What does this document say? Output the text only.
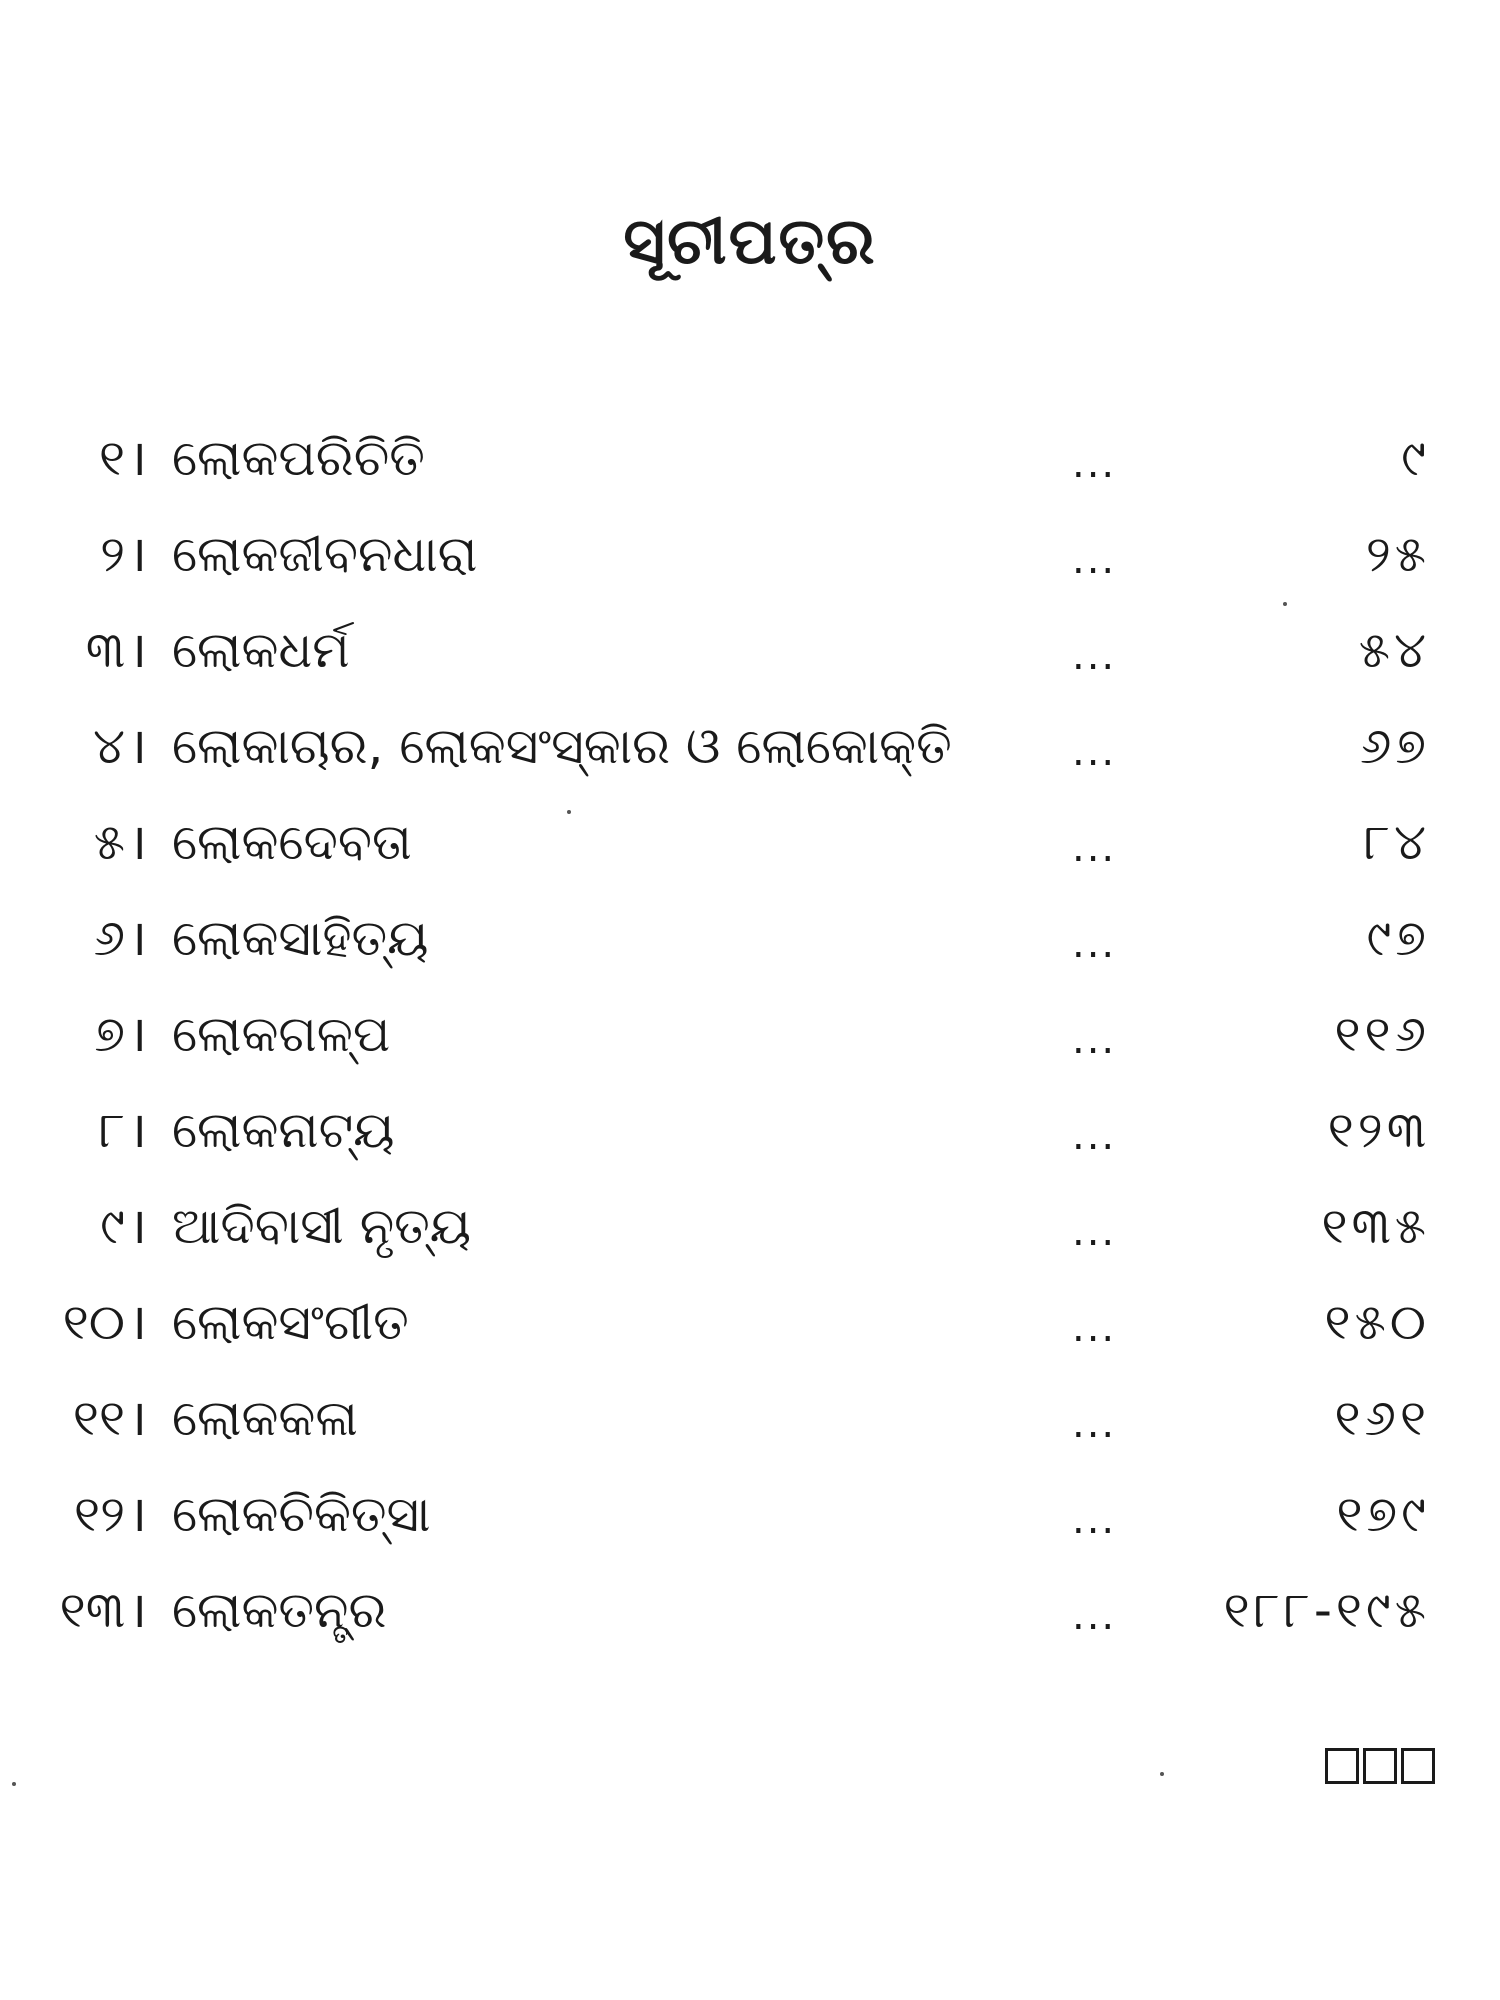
ସୂଚୀପତ୍ର
୧ । ଲୋକପରିଚିତି	...	୯
୨ । ଲୋକଜୀବନଧାରା	...	୨୫
୩ । ଲୋକଧର୍ମ	...	୫୪
୪ । ଲୋକାଚାର, ଲୋକସଂସ୍କାର ଓ ଲୋକୋକ୍ତି	...	୬୭
୫ । ଲୋକଦେବତା	...	୮୪
୬ । ଲୋକସାହିତ୍ୟ	...	୯୭
୭ । ଲୋକଗଳ୍ପ	...	୧୧୬
୮ । ଲୋକନାଟ୍ୟ	...	୧୨୩
୯ । ଆଦିବାସୀ ନୃତ୍ୟ	...	୧୩୫
୧୦ । ଲୋକସଂଗୀତ	...	୧୫୦
୧୧ । ଲୋକକଳା	...	୧୬୧
୧୨ । ଲୋକଚିକିତ୍ସା	...	୧୭୯
୧୩ । ଲୋକତନ୍ତ୍ର	... ୧୮୮-୧୯୫
